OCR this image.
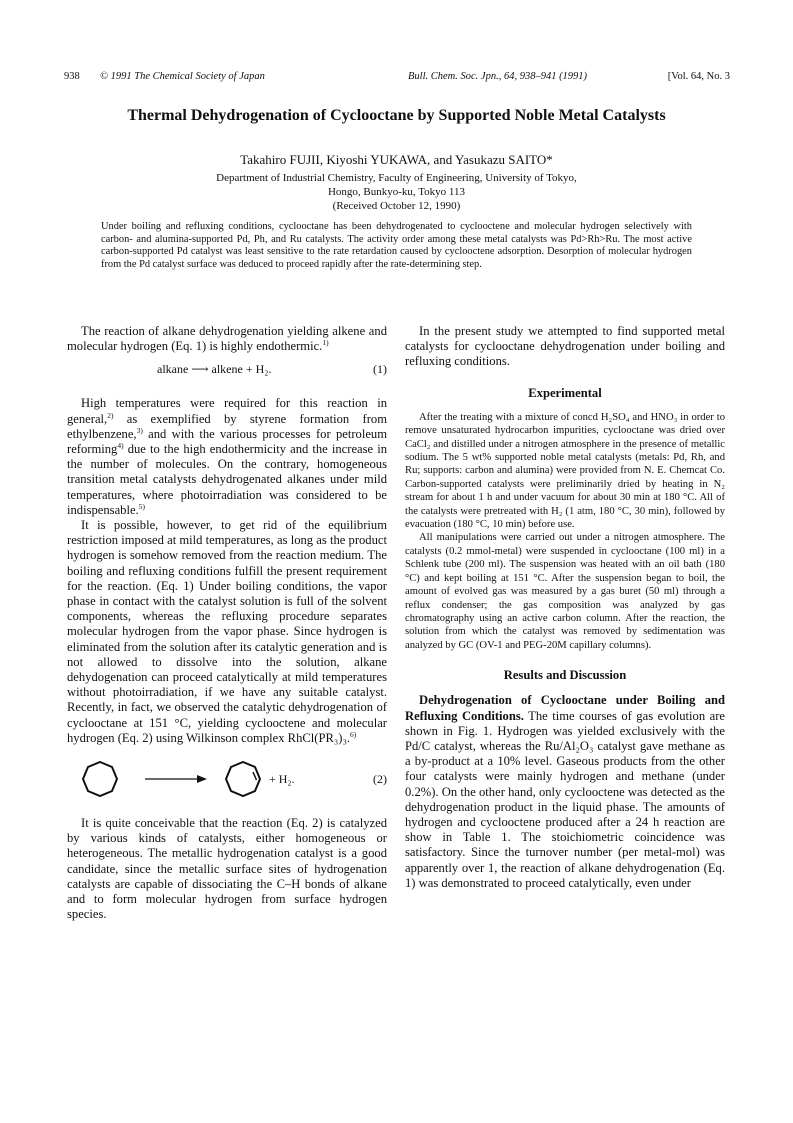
938 © 1991 The Chemical Society of Japan	Bull. Chem. Soc. Jpn., 64, 938–941 (1991)	[Vol. 64, No. 3
Thermal Dehydrogenation of Cyclooctane by Supported Noble Metal Catalysts

Takahiro FUJII, Kiyoshi YUKAWA, and Yasukazu SAITO*

Department of Industrial Chemistry, Faculty of Engineering, University of Tokyo,
Hongo, Bunkyo-ku, Tokyo 113
(Received October 12, 1990)

Under boiling and refluxing conditions, cyclooctane has been dehydrogenated to cyclooctene and molecular hydrogen selectively with carbon- and alumina-supported Pd, Ph, and Ru catalysts. The activity order among these metal catalysts was Pd>Rh>Ru. The most active carbon-supported Pd catalyst was least sensitive to the rate retardation caused by cyclooctene adsorption. Desorption of molecular hydrogen from the Pd catalyst surface was deduced to proceed rapidly after the rate-determining step.

The reaction of alkane dehydrogenation yielding alkene and molecular hydrogen (Eq. 1) is highly endothermic.$^{1)}$

alkane ⟶ alkene + H₂.	(1)

High temperatures were required for this reaction in general,$^{2)}$ as exemplified by styrene formation from ethylbenzene,$^{3)}$ and with the various processes for petroleum reforming$^{4)}$ due to the high endothermicity and the increase in the number of molecules. On the contrary, homogeneous transition metal catalysts dehydrogenated alkanes under mild temperatures, where photoirradiation was considered to be indispensable.$^{5)}$

It is possible, however, to get rid of the equilibrium restriction imposed at mild temperatures, as long as the product hydrogen is somehow removed from the reaction medium. The boiling and refluxing conditions fulfill the present requirement for the reaction. (Eq. 1) Under boiling conditions, the vapor phase in contact with the catalyst solution is full of the solvent components, whereas the refluxing procedure separates molecular hydrogen from the vapor phase. Since hydrogen is eliminated from the solution after its catalytic generation and is not allowed to dissolve into the solution, alkane dehydogenation can proceed catalytically at mild temperatures without photoirradiation, if we have any suitable catalyst. Recently, in fact, we observed the catalytic dehydrogenation of cyclooctane at 151 °C, yielding cyclooctene and molecular hydrogen (Eq. 2) using Wilkinson complex RhCl(PR₃)₃.$^{6)}$

+ H₂.	(2)

It is quite conceivable that the reaction (Eq. 2) is catalyzed by various kinds of catalysts, either homogeneous or heterogeneous. The metallic hydrogenation catalyst is a good candidate, since the metallic surface sites of hydrogenation catalysts are capable of dissociating the C–H bonds of alkane and to form molecular hydrogen from surface hydrogen species.

In the present study we attempted to find supported metal catalysts for cyclooctane dehydrogenation under boiling and refluxing conditions.

Experimental

After the treating with a mixture of concd H₂SO₄ and HNO₃ in order to remove unsaturated hydrocarbon impurities, cyclooctane was dried over CaCl₂ and distilled under a nitrogen atmosphere in the presence of metallic sodium. The 5 wt% supported noble metal catalysts (metals: Pd, Rh, and Ru; supports: carbon and alumina) were provided from N. E. Chemcat Co. Carbon-supported catalysts were preliminarily dried by heating in N₂ stream for about 1 h and under vacuum for about 30 min at 180 °C. All of the catalysts were pretreated with H₂ (1 atm, 180 °C, 30 min), followed by evacuation (180 °C, 10 min) before use.

All manipulations were carried out under a nitrogen atmosphere. The catalysts (0.2 mmol-metal) were suspended in cyclooctane (100 ml) in a Schlenk tube (200 ml). The suspension was heated with an oil bath (180 °C) and kept boiling at 151 °C. After the suspension began to boil, the amount of evolved gas was measured by a gas buret (50 ml) through a reflux condenser; the gas composition was analyzed by gas chromatography using an active carbon column. After the reaction, the solution from which the catalyst was removed by sedimentation was analyzed by GC (OV-1 and PEG-20M capillary columns).

Results and Discussion

Dehydrogenation of Cyclooctane under Boiling and Refluxing Conditions. The time courses of gas evolution are shown in Fig. 1. Hydrogen was yielded exclusively with the Pd/C catalyst, whereas the Ru/Al₂O₃ catalyst gave methane as a by-product at a 10% level. Gaseous products from the other four catalysts were mainly hydrogen and methane (under 0.2%). On the other hand, only cyclooctene was detected as the dehydrogenation product in the liquid phase. The amounts of hydrogen and cyclooctene produced after a 24 h reaction are show in Table 1. The stoichiometric coincidence was satisfactory. Since the turnover number (per metal-mol) was apparently over 1, the reaction of alkane dehydrogenation (Eq. 1) was demonstrated to proceed catalytically, even under
